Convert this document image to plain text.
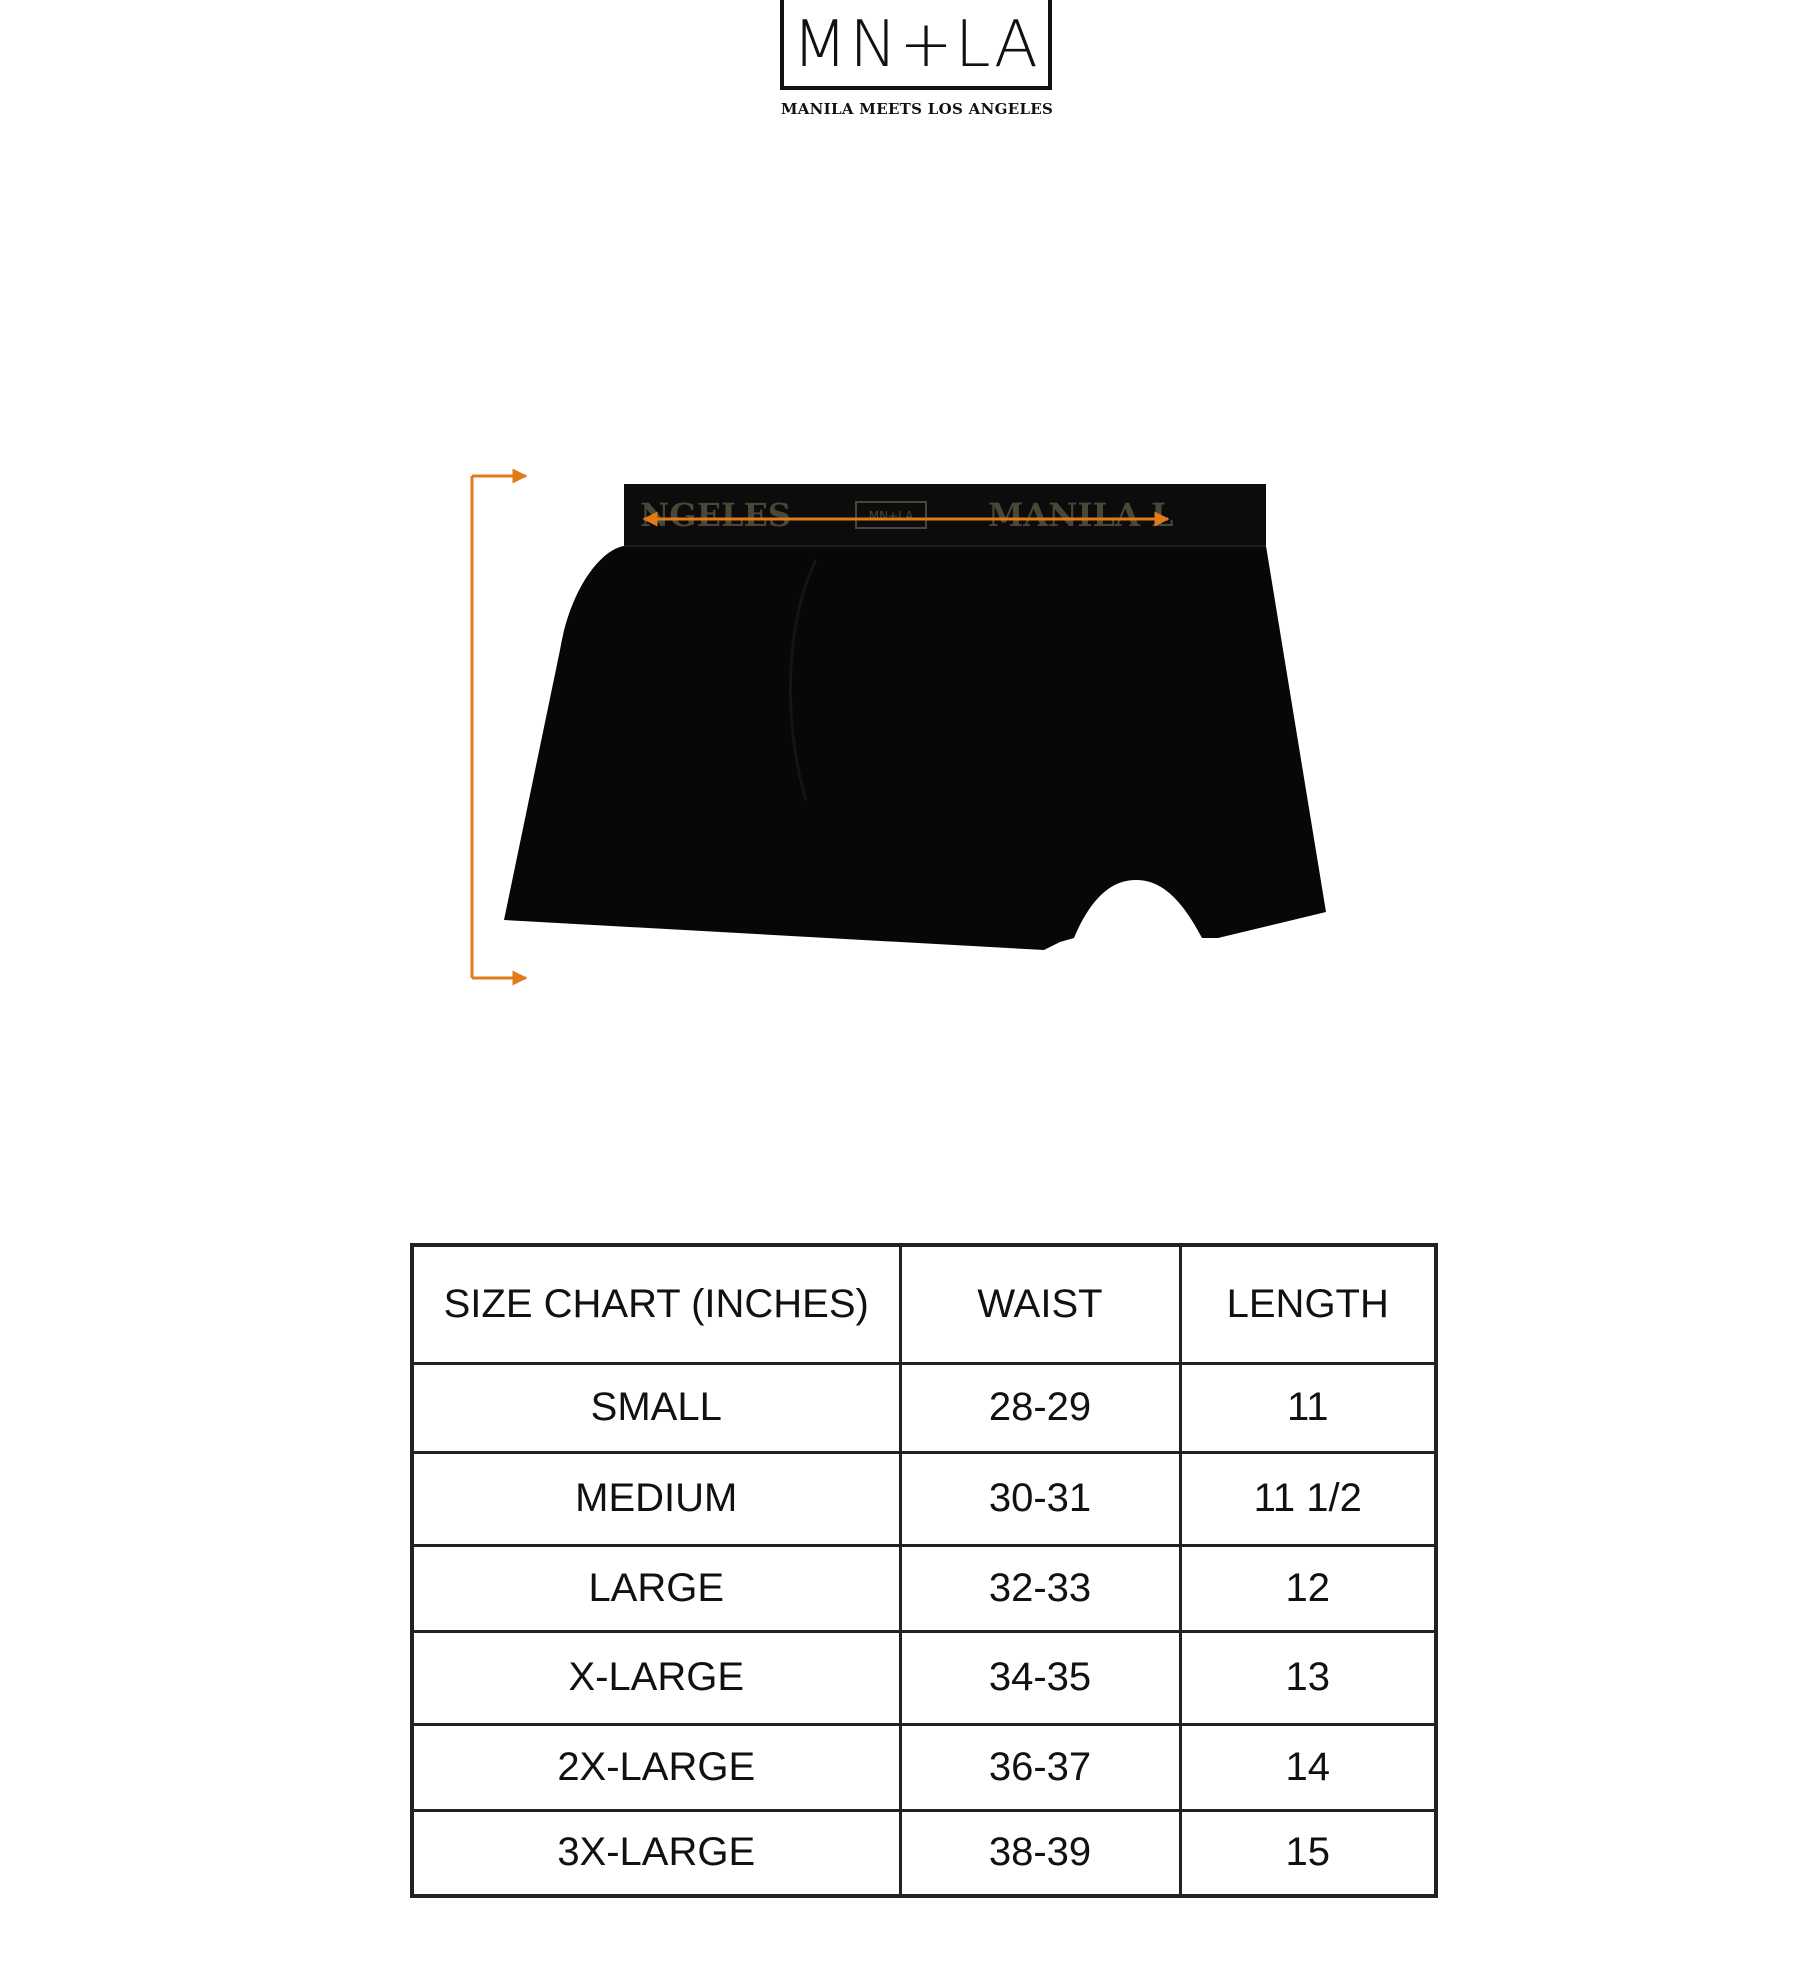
MN+LA
MANILA MEETS LOS ANGELES
NGELES	MN+LA MANILA L
SIZE CHART (INCHES)	WAIST	LENGTH
SMALL	28-29	11
MEDIUM	30-31	11 1/2
LARGE	32-33	12
X-LARGE	34-35	13
2X-LARGE	36-37	14
3X-LARGE	38-39	15
